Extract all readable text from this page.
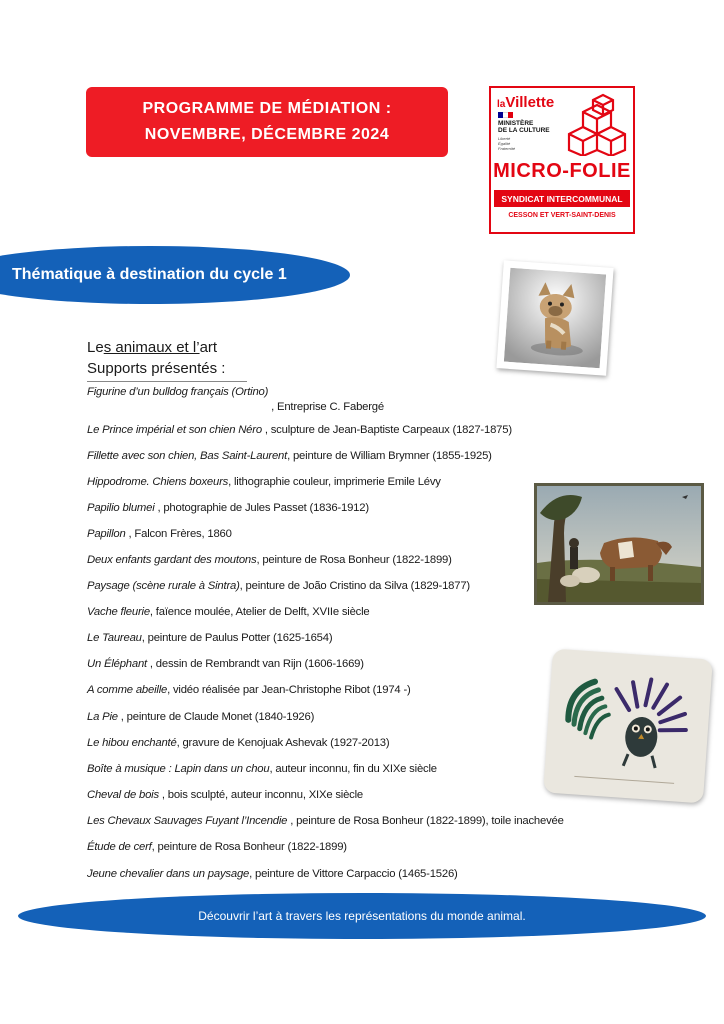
PROGRAMME DE MÉDIATION :
NOVEMBRE, DÉCEMBRE 2024
laVillette
MINISTÈRE
DE LA CULTURE
Liberté
Égalité
Fraternité
MICRO-FOLIE
SYNDICAT INTERCOMMUNAL
CESSON ET VERT-SAINT-DENIS
Thématique à destination du cycle 1
Les animaux et l’art
Supports présentés :
Figurine d’un bulldog français (Ortino) , Entreprise C. Fabergé
Le Prince impérial et son chien Néro , sculpture de Jean-Baptiste Carpeaux (1827-1875)
Fillette avec son chien, Bas Saint-Laurent, peinture de William Brymner (1855-1925)
Hippodrome. Chiens boxeurs, lithographie couleur, imprimerie Emile Lévy
Papilio blumei , photographie de Jules Passet (1836-1912)
Papillon , Falcon Frères, 1860
Deux enfants gardant des moutons, peinture de Rosa Bonheur (1822-1899)
Paysage (scène rurale à Sintra), peinture de João Cristino da Silva (1829-1877)
Vache fleurie, faïence moulée, Atelier de Delft, XVIIe siècle
Le Taureau, peinture de Paulus Potter (1625-1654)
Un Éléphant , dessin de Rembrandt van Rijn (1606-1669)
A comme abeille, vidéo réalisée par Jean-Christophe Ribot (1974 -)
La Pie , peinture de Claude Monet (1840-1926)
Le hibou enchanté, gravure de Kenojuak Ashevak (1927-2013)
Boîte à musique : Lapin dans un chou, auteur inconnu, fin du XIXe siècle
Cheval de bois , bois sculpté, auteur inconnu, XIXe siècle
Les Chevaux Sauvages Fuyant l’Incendie , peinture de Rosa Bonheur (1822-1899), toile inachevée
Étude de cerf, peinture de Rosa Bonheur (1822-1899)
Jeune chevalier dans un paysage, peinture de Vittore Carpaccio (1465-1526)
Découvrir l’art à travers les représentations du monde animal.
